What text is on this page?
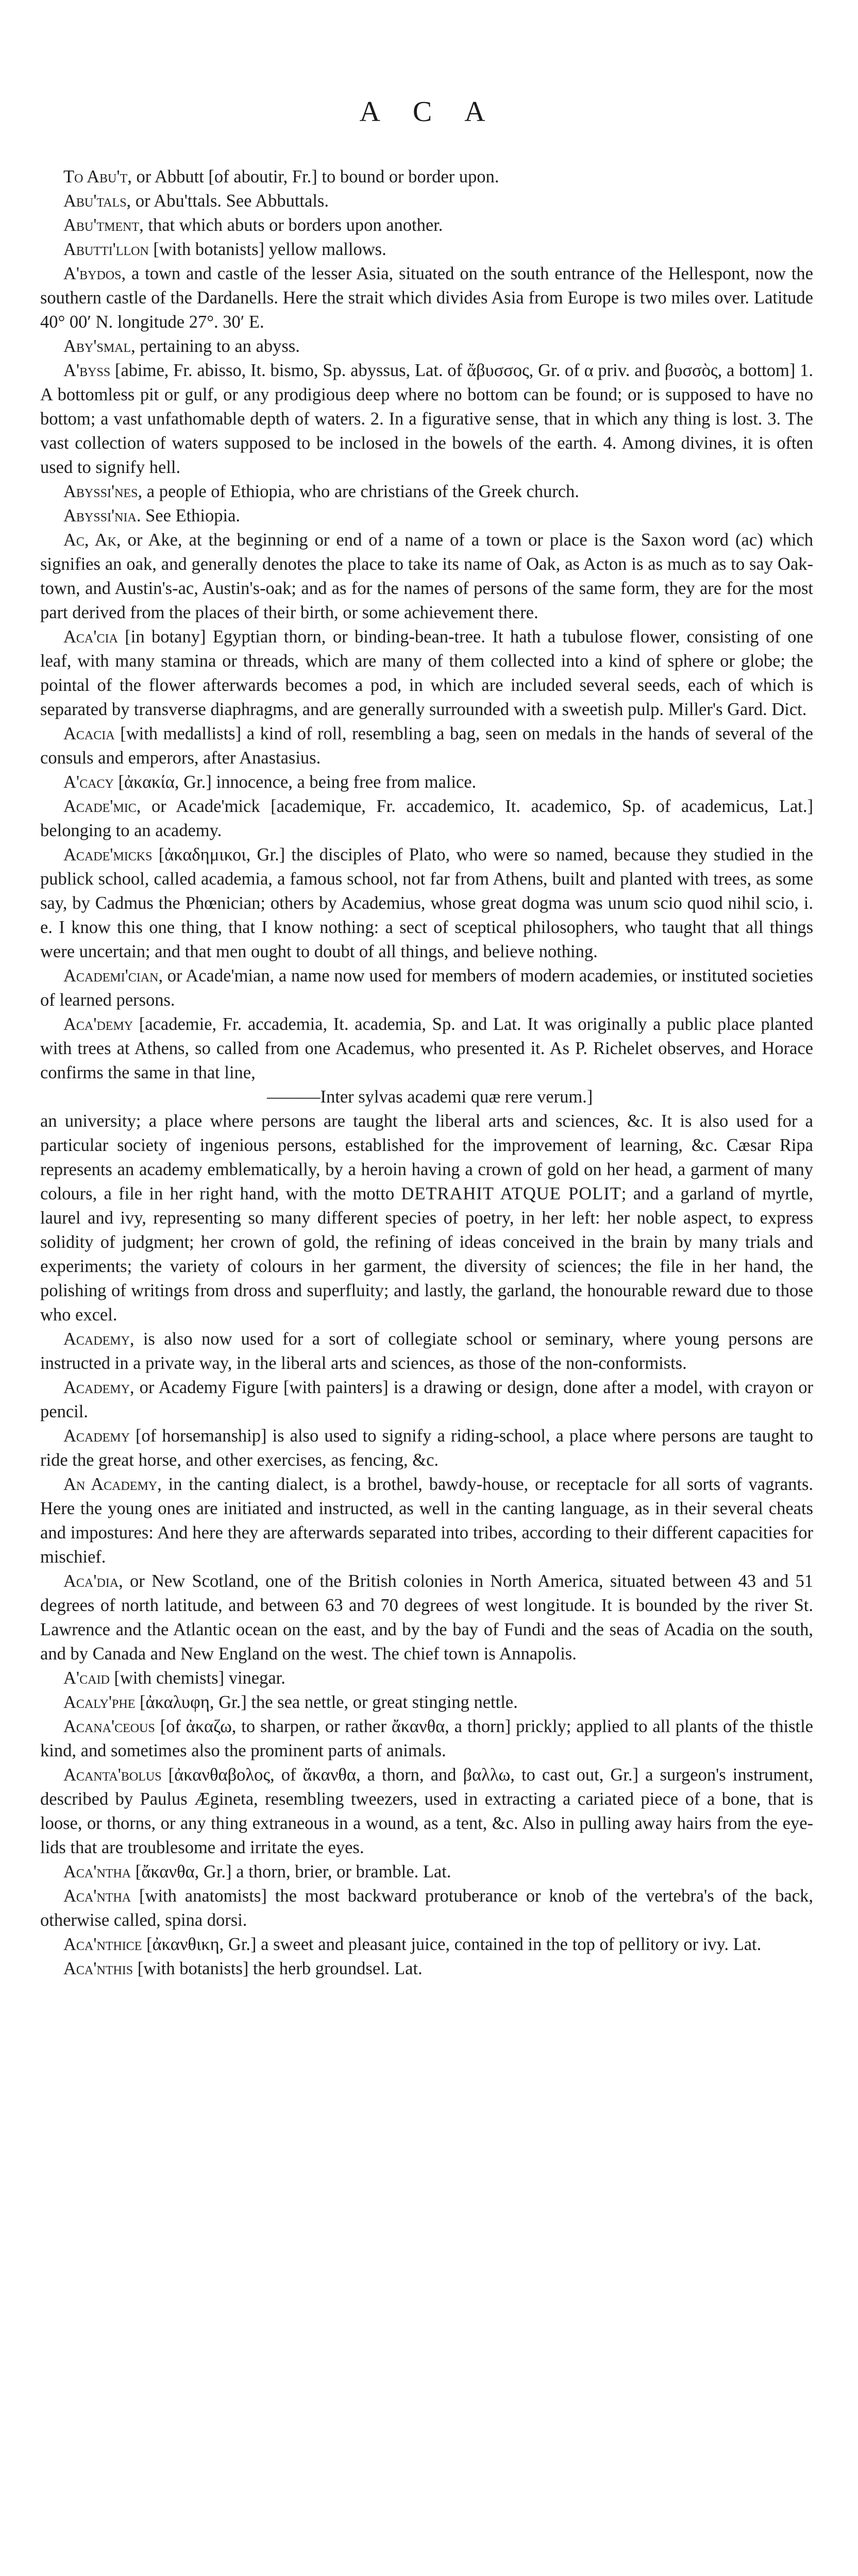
A C A

To Abu't, or Abbutt [of aboutir, Fr.] to bound or border upon.

Abu'tals, or Abu'ttals. See Abbuttals.

Abu'tment, that which abuts or borders upon another.

Abutti'llon [with botanists] yellow mallows.

A'bydos, a town and castle of the lesser Asia, situated on the south entrance of the Hellespont, now the southern castle of the Dardanells. Here the strait which divides Asia from Europe is two miles over. Latitude 40° 00′ N. longitude 27°. 30′ E.

Aby'smal, pertaining to an abyss.

A'byss [abime, Fr. abisso, It. bismo, Sp. abyssus, Lat. of ἄβυσσος, Gr. of α priv. and βυσσὸς, a bottom] 1. A bottomless pit or gulf, or any prodigious deep where no bottom can be found; or is supposed to have no bottom; a vast unfathomable depth of waters. 2. In a figurative sense, that in which any thing is lost. 3. The vast collection of waters supposed to be inclosed in the bowels of the earth. 4. Among divines, it is often used to signify hell.

Abyssi'nes, a people of Ethiopia, who are christians of the Greek church.

Abyssi'nia. See Ethiopia.

Ac, Ak, or Ake, at the beginning or end of a name of a town or place is the Saxon word (ac) which signifies an oak, and generally denotes the place to take its name of Oak, as Acton is as much as to say Oak-town, and Austin's-ac, Austin's-oak; and as for the names of persons of the same form, they are for the most part derived from the places of their birth, or some achievement there.

Aca'cia [in botany] Egyptian thorn, or binding-bean-tree. It hath a tubulose flower, consisting of one leaf, with many stamina or threads, which are many of them collected into a kind of sphere or globe; the pointal of the flower afterwards becomes a pod, in which are included several seeds, each of which is separated by transverse diaphragms, and are generally surrounded with a sweetish pulp. Miller's Gard. Dict.

Acacia [with medallists] a kind of roll, resembling a bag, seen on medals in the hands of several of the consuls and emperors, after Anastasius.

A'cacy [ἀκακία, Gr.] innocence, a being free from malice.

Acade'mic, or Acade'mick [academique, Fr. accademico, It. academico, Sp. of academicus, Lat.] belonging to an academy.

Acade'micks [ἀκαδημικοι, Gr.] the disciples of Plato, who were so named, because they studied in the publick school, called academia, a famous school, not far from Athens, built and planted with trees, as some say, by Cadmus the Phœnician; others by Academius, whose great dogma was unum scio quod nihil scio, i. e. I know this one thing, that I know nothing: a sect of sceptical philosophers, who taught that all things were uncertain; and that men ought to doubt of all things, and believe nothing.

Academi'cian, or Acade'mian, a name now used for members of modern academies, or instituted societies of learned persons.

Aca'demy [academie, Fr. accademia, It. academia, Sp. and Lat. It was originally a public place planted with trees at Athens, so called from one Academus, who presented it. As P. Richelet observes, and Horace confirms the same in that line,

———Inter sylvas academi quæ rere verum.]

an university; a place where persons are taught the liberal arts and sciences, &c. It is also used for a particular society of ingenious persons, established for the improvement of learning, &c. Cæsar Ripa represents an academy emblematically, by a heroin having a crown of gold on her head, a garment of many colours, a file in her right hand, with the motto DETRAHIT ATQUE POLIT; and a garland of myrtle, laurel and ivy, representing so many different species of poetry, in her left: her noble aspect, to express solidity of judgment; her crown of gold, the refining of ideas conceived in the brain by many trials and experiments; the variety of colours in her garment, the diversity of sciences; the file in her hand, the polishing of writings from dross and superfluity; and lastly, the garland, the honourable reward due to those who excel.

Academy, is also now used for a sort of collegiate school or seminary, where young persons are instructed in a private way, in the liberal arts and sciences, as those of the non-conformists.

Academy, or Academy Figure [with painters] is a drawing or design, done after a model, with crayon or pencil.

Academy [of horsemanship] is also used to signify a riding-school, a place where persons are taught to ride the great horse, and other exercises, as fencing, &c.

An Academy, in the canting dialect, is a brothel, bawdy-house, or receptacle for all sorts of vagrants. Here the young ones are initiated and instructed, as well in the canting language, as in their several cheats and impostures: And here they are afterwards separated into tribes, according to their different capacities for mischief.

Aca'dia, or New Scotland, one of the British colonies in North America, situated between 43 and 51 degrees of north latitude, and between 63 and 70 degrees of west longitude. It is bounded by the river St. Lawrence and the Atlantic ocean on the east, and by the bay of Fundi and the seas of Acadia on the south, and by Canada and New England on the west. The chief town is Annapolis.

A'caid [with chemists] vinegar.

Acaly'phe [ἀκαλυφη, Gr.] the sea nettle, or great stinging nettle.

Acana'ceous [of ἀκαζω, to sharpen, or rather ἄκανθα, a thorn] prickly; applied to all plants of the thistle kind, and sometimes also the prominent parts of animals.

Acanta'bolus [ἀκανθαβολος, of ἄκανθα, a thorn, and βαλλω, to cast out, Gr.] a surgeon's instrument, described by Paulus Ægineta, resembling tweezers, used in extracting a cariated piece of a bone, that is loose, or thorns, or any thing extraneous in a wound, as a tent, &c. Also in pulling away hairs from the eye-lids that are troublesome and irritate the eyes.

Aca'ntha [ἄκανθα, Gr.] a thorn, brier, or bramble. Lat.

Aca'ntha [with anatomists] the most backward protuberance or knob of the vertebra's of the back, otherwise called, spina dorsi.

Aca'nthice [ἀκανθικη, Gr.] a sweet and pleasant juice, contained in the top of pellitory or ivy. Lat.

Aca'nthis [with botanists] the herb groundsel. Lat.
